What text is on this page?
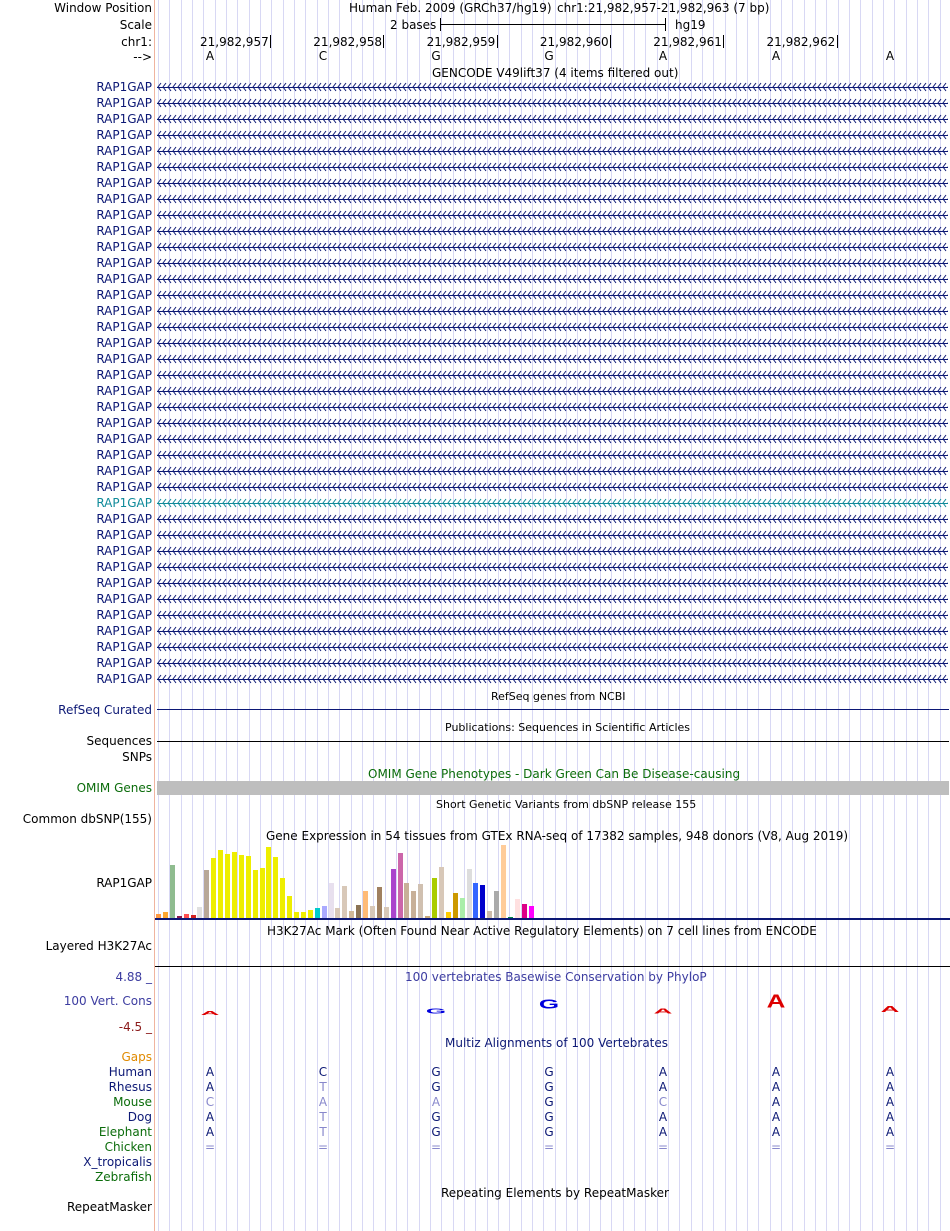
Window Position	Human Feb. 2009 (GRCh37/hg19) chr1:21,982,957-21,982,963 (7 bp)
Scale	2 bases	hg19
chr1:
-->
GENCODE V49lift37 (4 items filtered out)
RefSeq genes from NCBI
RefSeq Curated
Publications: Sequences in Scientific Articles
Sequences
SNPs
OMIM Gene Phenotypes - Dark Green Can Be Disease-causing
OMIM Genes
Short Genetic Variants from dbSNP release 155
Common dbSNP(155)
Gene Expression in 54 tissues from GTEx RNA-seq of 17382 samples, 948 donors (V8, Aug 2019)
RAP1GAP
H3K27Ac Mark (Often Found Near Active Regulatory Elements) on 7 cell lines from ENCODE
Layered H3K27Ac
100 vertebrates Basewise Conservation by PhyloP
4.88 _
100 Vert. Cons
-4.5 _
A	G	G	A	A	A
Multiz Alignments of 100 Vertebrates
Gaps
Repeating Elements by RepeatMasker
RepeatMasker
21,982,957	21,982,958	21,982,959	21,982,960	21,982,961	21,982,962
A	C	G	G	A	A	A
RAP1GAP
RAP1GAP
RAP1GAP
RAP1GAP
RAP1GAP
RAP1GAP
RAP1GAP
RAP1GAP
RAP1GAP
RAP1GAP
RAP1GAP
RAP1GAP
RAP1GAP
RAP1GAP
RAP1GAP
RAP1GAP
RAP1GAP
RAP1GAP
RAP1GAP
RAP1GAP
RAP1GAP
RAP1GAP
RAP1GAP
RAP1GAP
RAP1GAP
RAP1GAP
RAP1GAP
RAP1GAP
RAP1GAP
RAP1GAP
RAP1GAP
RAP1GAP
RAP1GAP
RAP1GAP
RAP1GAP
RAP1GAP
RAP1GAP
RAP1GAP
Human	A	C	G	G	A	A	A
Rhesus	A	T	G	G	A	A	A
Mouse	C	A	A	G	C	A	A
Dog	A	T	G	G	A	A	A
Elephant	A	T	G	G	A	A	A
Chicken	=	=	=	=	=	=	=
X_tropicalis
Zebrafish
